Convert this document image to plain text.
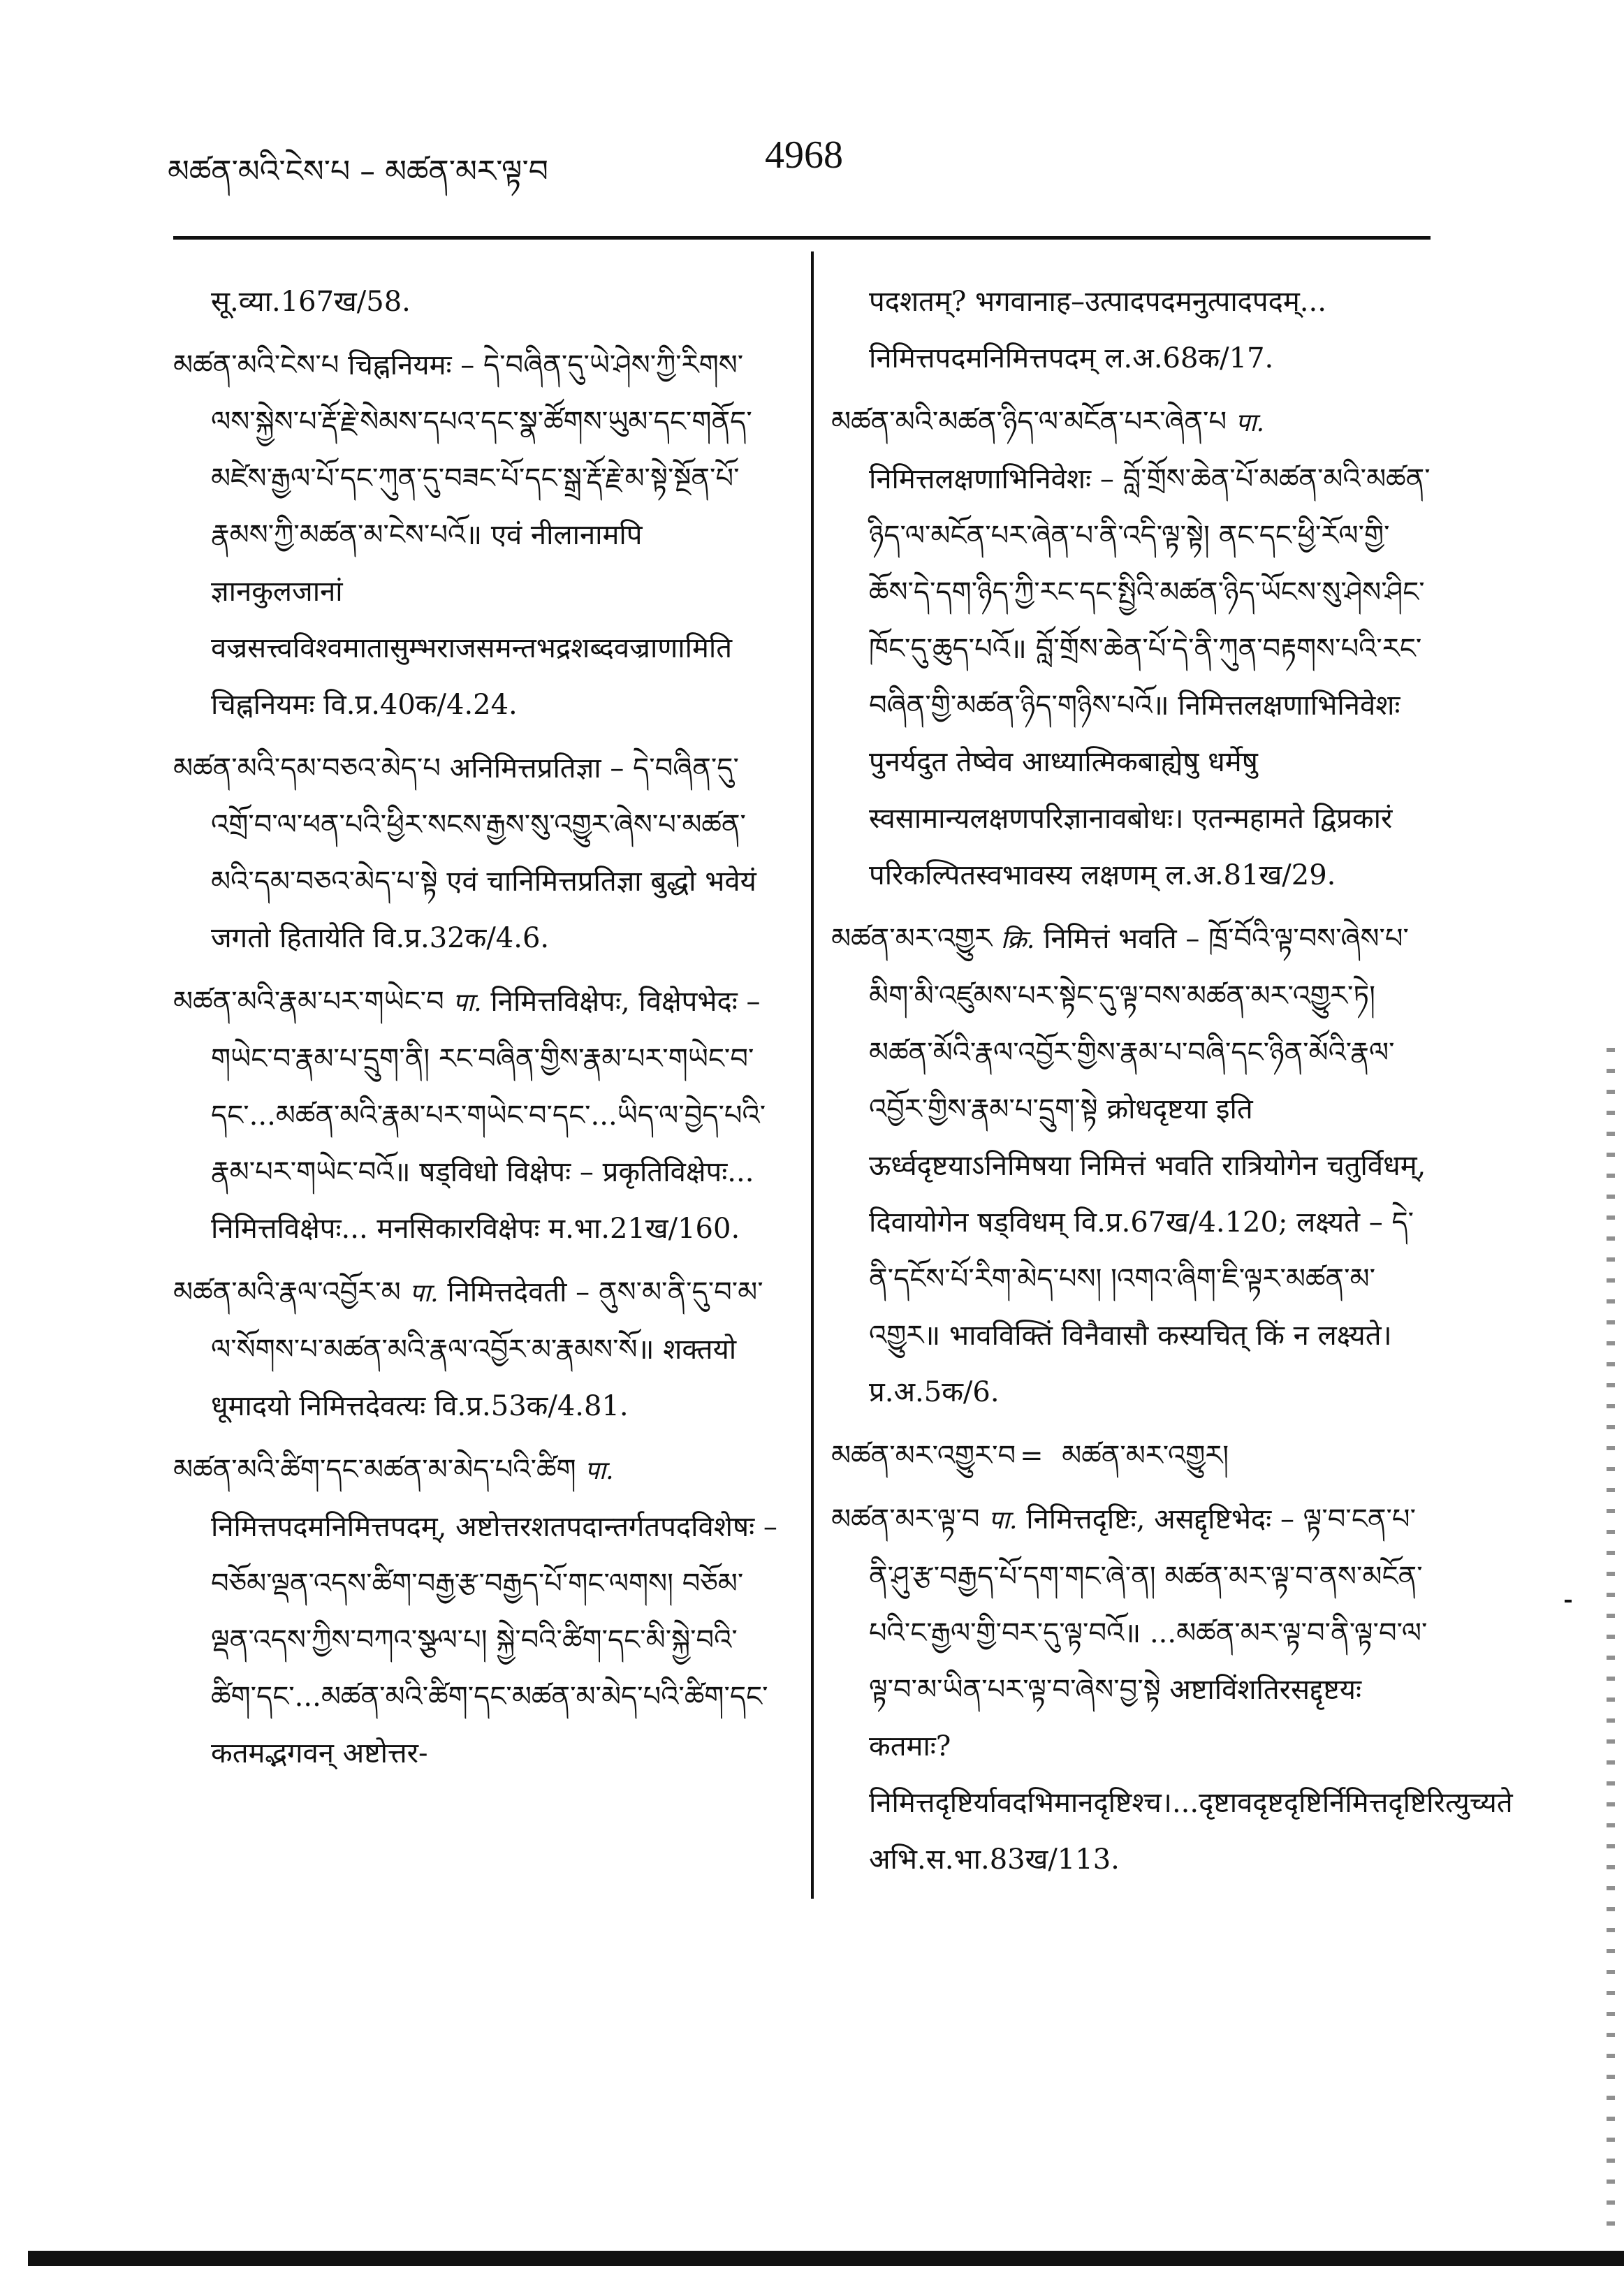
མཚན་མའི་ངེས་པ – མཚན་མར་ལྟ་བ	4968
सू.व्या.167ख/58.
མཚན་མའི་ངེས་པ चिह्ननियमः – དེ་བཞིན་དུ་ཡེ་ཤེས་ཀྱི་རིགས་ལས་སྐྱེས་པ་རྡོ་རྗེ་སེམས་དཔའ་དང་སྣ་ཚོགས་ཡུམ་དང་གནོད་མཛེས་རྒྱལ་པོ་དང་ཀུན་དུ་བཟང་པོ་དང་སྒྲ་རྡོ་རྗེ་མ་སྟེ་སྔོན་པོ་རྣམས་ཀྱི་མཚན་མ་ངེས་པའོ॥ एवं नीलानामपि ज्ञानकुलजानां वज्रसत्त्वविश्वमातासुम्भराजसमन्तभद्रशब्दवज्राणामिति चिह्ननियमः वि.प्र.40क/4.24.
མཚན་མའི་དམ་བཅའ་མེད་པ अनिमित्तप्रतिज्ञा – དེ་བཞིན་དུ་འགྲོ་བ་ལ་ཕན་པའི་ཕྱིར་སངས་རྒྱས་སུ་འགྱུར་ཞེས་པ་མཚན་མའི་དམ་བཅའ་མེད་པ་སྟེ एवं चानिमित्तप्रतिज्ञा बुद्धो भवेयं जगतो हितायेति वि.प्र.32क/4.6.
མཚན་མའི་རྣམ་པར་གཡེང་བ पा. निमित्तविक्षेपः, विक्षेपभेदः – གཡེང་བ་རྣམ་པ་དྲུག་ནི། རང་བཞིན་གྱིས་རྣམ་པར་གཡེང་བ་དང་...མཚན་མའི་རྣམ་པར་གཡེང་བ་དང་...ཡིད་ལ་བྱེད་པའི་རྣམ་པར་གཡེང་བའོ॥ षड्विधो विक्षेपः – प्रकृतिविक्षेपः... निमित्तविक्षेपः... मनसिकारविक्षेपः म.भा.21ख/160.
མཚན་མའི་རྣལ་འབྱོར་མ पा. निमित्तदेवती – ནུས་མ་ནི་དུ་བ་མ་ལ་སོགས་པ་མཚན་མའི་རྣལ་འབྱོར་མ་རྣམས་སོ॥ शक्तयो धूमादयो निमित्तदेवत्यः वि.प्र.53क/4.81.
མཚན་མའི་ཚིག་དང་མཚན་མ་མེད་པའི་ཚིག पा. निमित्तपदमनिमित्तपदम्, अष्टोत्तरशतपदान्तर्गतपदविशेषः – བཅོམ་ལྡན་འདས་ཚིག་བརྒྱ་རྩ་བརྒྱད་པོ་གང་ལགས། བཅོམ་ལྡན་འདས་ཀྱིས་བཀའ་སྩལ་པ། སྐྱེ་བའི་ཚིག་དང་མི་སྐྱེ་བའི་ཚིག་དང་...མཚན་མའི་ཚིག་དང་མཚན་མ་མེད་པའི་ཚིག་དང་ कतमद्भगवन् अष्टोत्तर-
पदशतम्? भगवानाह–उत्पादपदमनुत्पादपदम्... निमित्तपदमनिमित्तपदम् ल.अ.68क/17.
མཚན་མའི་མཚན་ཉིད་ལ་མངོན་པར་ཞེན་པ पा. निमित्तलक्षणाभिनिवेशः – བློ་གྲོས་ཆེན་པོ་མཚན་མའི་མཚན་ཉིད་ལ་མངོན་པར་ཞེན་པ་ནི་འདི་ལྟ་སྟེ། ནང་དང་ཕྱི་རོལ་གྱི་ཆོས་དེ་དག་ཉིད་ཀྱི་རང་དང་སྤྱིའི་མཚན་ཉིད་ཡོངས་སུ་ཤེས་ཤིང་ཁོང་དུ་ཆུད་པའོ॥ བློ་གྲོས་ཆེན་པོ་དེ་ནི་ཀུན་བརྟགས་པའི་རང་བཞིན་གྱི་མཚན་ཉིད་གཉིས་པའོ॥ निमित्तलक्षणाभिनिवेशः पुनर्यदुत तेष्वेव आध्यात्मिकबाह्येषु धर्मेषु स्वसामान्यलक्षणपरिज्ञानावबोधः। एतन्महामते द्विप्रकारं परिकल्पितस्वभावस्य लक्षणम् ल.अ.81ख/29.
མཚན་མར་འགྱུར क्रि. निमित्तं भवति – ཁྲོ་བོའི་ལྟ་བས་ཞེས་པ་མིག་མི་འཛུམས་པར་སྟེང་དུ་ལྟ་བས་མཚན་མར་འགྱུར་ཏེ། མཚན་མོའི་རྣལ་འབྱོར་གྱིས་རྣམ་པ་བཞི་དང་ཉིན་མོའི་རྣལ་འབྱོར་གྱིས་རྣམ་པ་དྲུག་སྟེ क्रोधदृष्टया इति ऊर्ध्वदृष्टयाऽनिमिषया निमित्तं भवति रात्रियोगेन चतुर्विधम्, दिवायोगेन षड्विधम् वि.प्र.67ख/4.120; लक्ष्यते – དེ་ནི་དངོས་པོ་རིག་མེད་པས། །འགའ་ཞིག་ཇི་ལྟར་མཚན་མ་འགྱུར॥ भावविक्तिं विनैवासौ कस्यचित् किं न लक्ष्यते। प्र.अ.5क/6.
མཚན་མར་འགྱུར་བ = མཚན་མར་འགྱུར།
མཚན་མར་ལྟ་བ पा. निमित्तदृष्टिः, असद्दृष्टिभेदः – ལྟ་བ་ངན་པ་ནི་ཤུ་རྩ་བརྒྱད་པོ་དག་གང་ཞེ་ན། མཚན་མར་ལྟ་བ་ནས་མངོན་པའི་ང་རྒྱལ་གྱི་བར་དུ་ལྟ་བའོ॥ ...མཚན་མར་ལྟ་བ་ནི་ལྟ་བ་ལ་ལྟ་བ་མ་ཡིན་པར་ལྟ་བ་ཞེས་བྱ་སྟེ अष्टाविंशतिरसद्दृष्टयः कतमाः? निमित्तदृष्टिर्यावदभिमानदृष्टिश्च।...दृष्टावदृष्टदृष्टिर्निमित्तदृष्टिरित्युच्यते अभि.स.भा.83ख/113.
